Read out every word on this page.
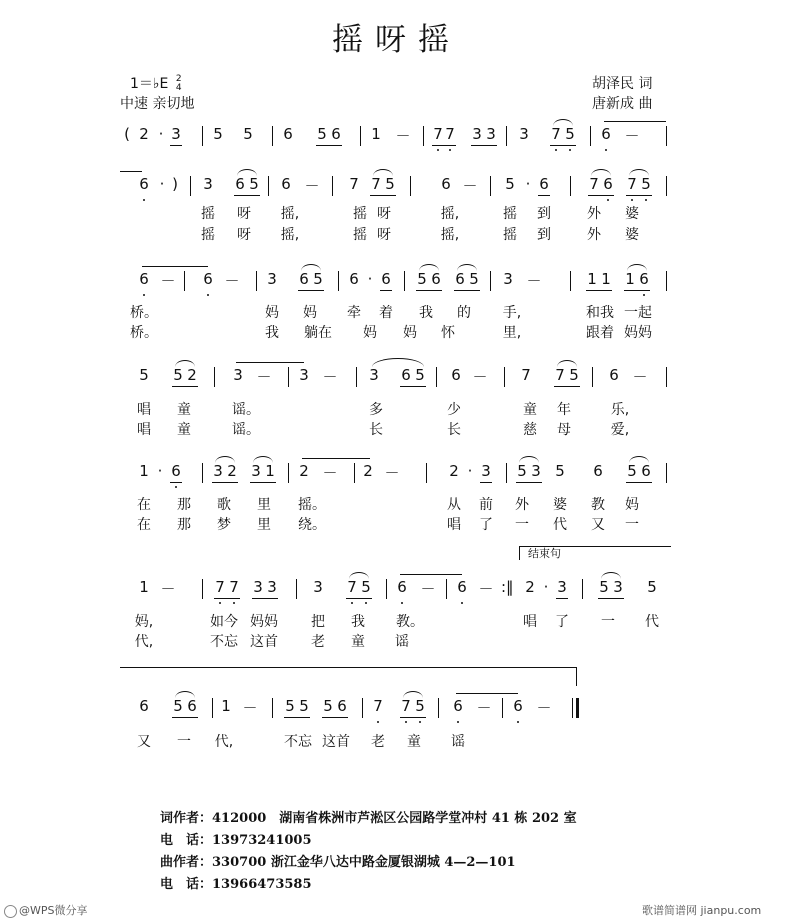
摇呀摇
1＝♭E 2
4
中速 亲切地
胡泽民 词
唐新成 曲
( 2 · 3 5 5 6 5 6 1 － 7 7 3 3 3 7 5 6 －
6 · ) 3 6 5 6 － 7 7 5	6 － 5 · 6	7 6 7 5
摇 呀 摇,	摇 呀	摇,	摇 到	外 婆
摇 呀 摇,	摇 呀	摇,	摇 到	外 婆
6 － 6 － 3 6 5 6 · 6 5 6 6 5 3 －	1 1 1 6
桥。	妈 妈 牵 着 我 的 手,	和我 一起
桥。	我 躺在 妈 妈 怀	里,	跟着 妈妈
5 5 2 3 － 3 － 3 6 5 6 － 7 7 5 6 －
唱 童	谣。	多	少	童 年	乐,
唱 童	谣。	长	长	慈 母	爱,
1 · 6 3 2 3 1 2 － 2 －	2 · 3 5 3 5 6 5 6
在 那 歌 里 摇。	从 前 外 婆 教 妈
在 那 梦 里 绕。	唱 了 一 代 又 一
结束句
1 －	7 7 3 3 3 7 5 6 － 6 － :‖ 2 · 3 5 3 5
妈,	如今 妈妈 把 我 教。	唱 了 一 代
代,	不忘 这首 老 童 谣
6 5 6 1 － 5 5 5 6 7 7 5 6 － 6 －
又 一 代,	不忘 这首 老 童 谣
词作者：412000　湖南省株洲市芦淞区公园路学堂冲村 41 栋 202 室
电　话：13973241005
曲作者：330700 浙江金华八达中路金厦银湖城 4—2—101
电　话：13966473585
@WPS微分享	歌谱简谱网 jianpu.com
